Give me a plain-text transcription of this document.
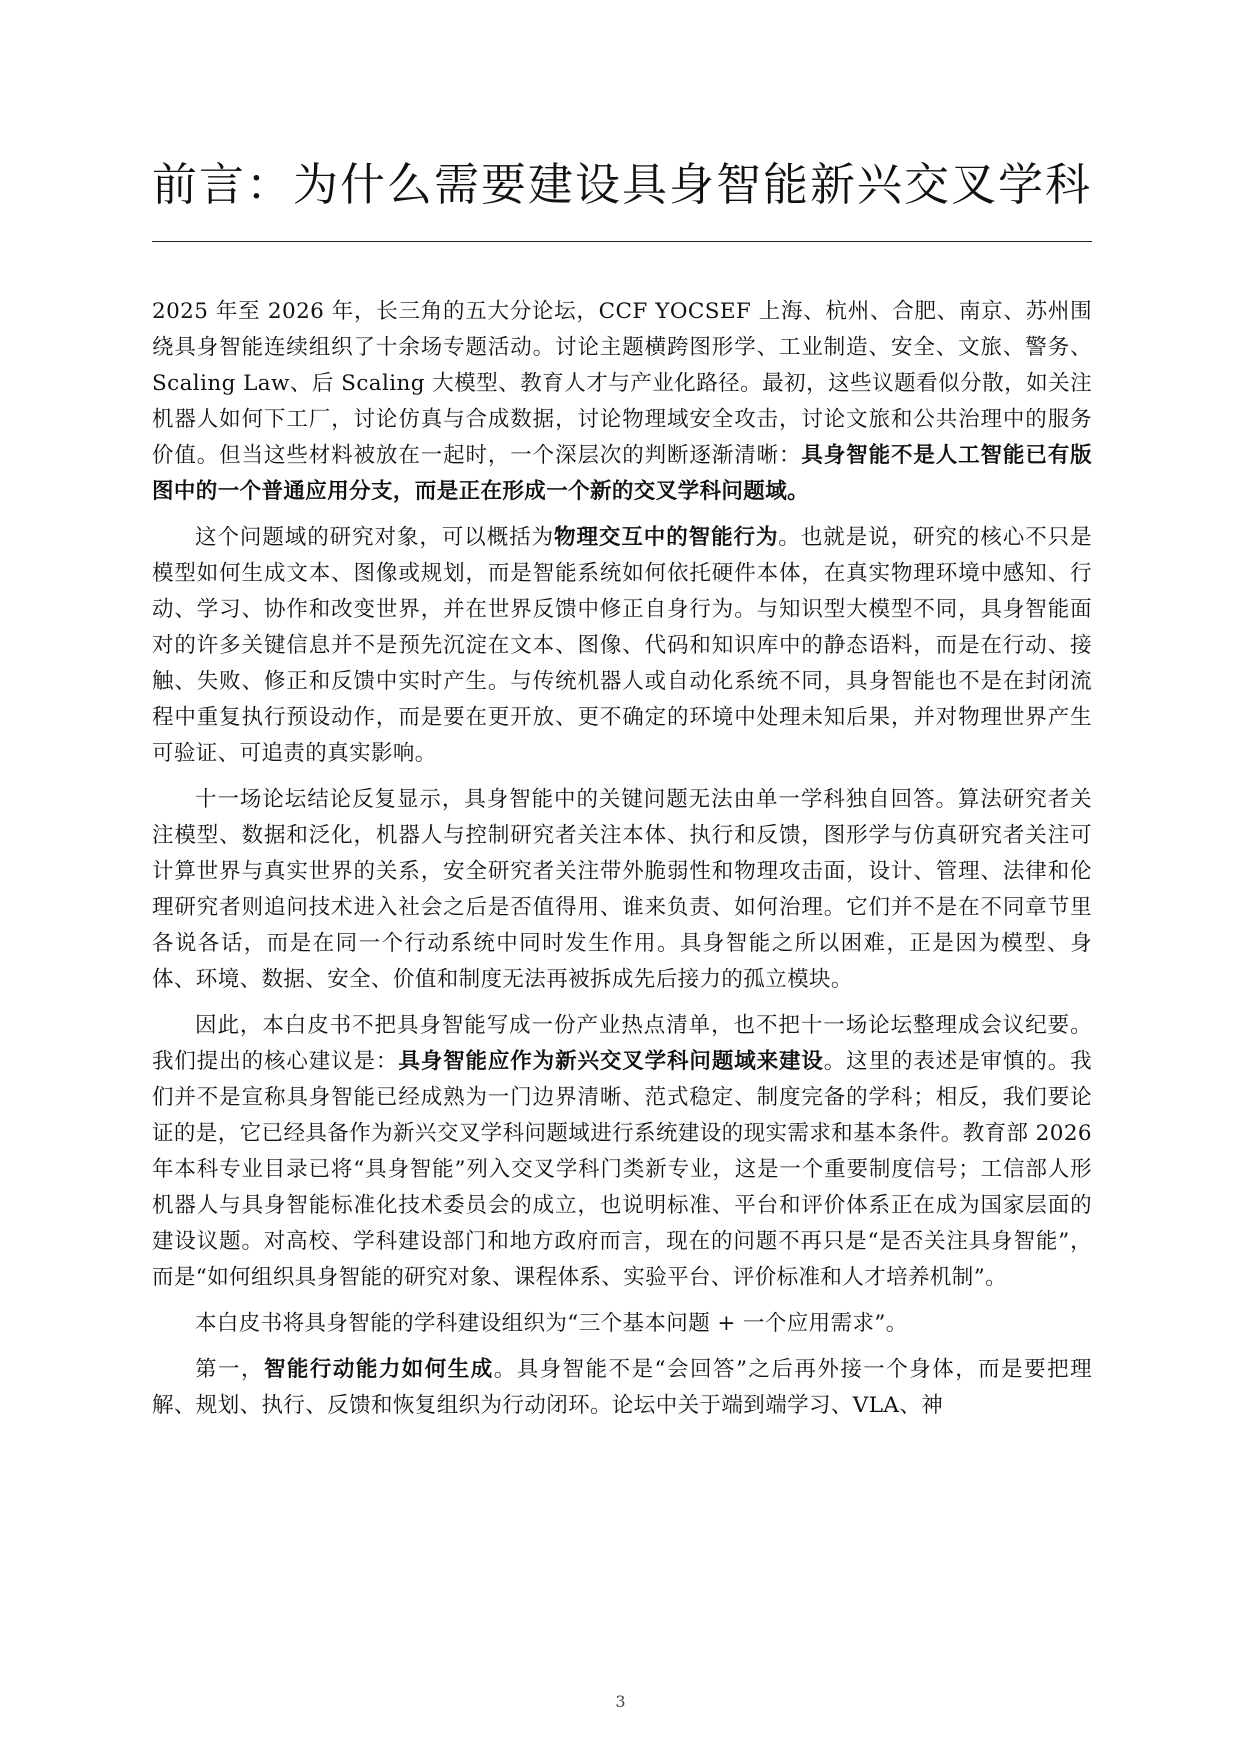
前言：为什么需要建设具身智能新兴交叉学科

2025 年至 2026 年，长三角的五大分论坛，CCF YOCSEF 上海、杭州、合肥、南京、苏州围绕具身智能连续组织了十余场专题活动。讨论主题横跨图形学、工业制造、安全、文旅、警务、Scaling Law、后 Scaling 大模型、教育人才与产业化路径。最初，这些议题看似分散，如关注机器人如何下工厂，讨论仿真与合成数据，讨论物理域安全攻击，讨论文旅和公共治理中的服务价值。但当这些材料被放在一起时，一个深层次的判断逐渐清晰：具身智能不是人工智能已有版图中的一个普通应用分支，而是正在形成一个新的交叉学科问题域。

这个问题域的研究对象，可以概括为物理交互中的智能行为。也就是说，研究的核心不只是模型如何生成文本、图像或规划，而是智能系统如何依托硬件本体，在真实物理环境中感知、行动、学习、协作和改变世界，并在世界反馈中修正自身行为。与知识型大模型不同，具身智能面对的许多关键信息并不是预先沉淀在文本、图像、代码和知识库中的静态语料，而是在行动、接触、失败、修正和反馈中实时产生。与传统机器人或自动化系统不同，具身智能也不是在封闭流程中重复执行预设动作，而是要在更开放、更不确定的环境中处理未知后果，并对物理世界产生可验证、可追责的真实影响。

十一场论坛结论反复显示，具身智能中的关键问题无法由单一学科独自回答。算法研究者关注模型、数据和泛化，机器人与控制研究者关注本体、执行和反馈，图形学与仿真研究者关注可计算世界与真实世界的关系，安全研究者关注带外脆弱性和物理攻击面，设计、管理、法律和伦理研究者则追问技术进入社会之后是否值得用、谁来负责、如何治理。它们并不是在不同章节里各说各话，而是在同一个行动系统中同时发生作用。具身智能之所以困难，正是因为模型、身体、环境、数据、安全、价值和制度无法再被拆成先后接力的孤立模块。

因此，本白皮书不把具身智能写成一份产业热点清单，也不把十一场论坛整理成会议纪要。我们提出的核心建议是：具身智能应作为新兴交叉学科问题域来建设。这里的表述是审慎的。我们并不是宣称具身智能已经成熟为一门边界清晰、范式稳定、制度完备的学科；相反，我们要论证的是，它已经具备作为新兴交叉学科问题域进行系统建设的现实需求和基本条件。教育部 2026 年本科专业目录已将“具身智能”列入交叉学科门类新专业，这是一个重要制度信号；工信部人形机器人与具身智能标准化技术委员会的成立，也说明标准、平台和评价体系正在成为国家层面的建设议题。对高校、学科建设部门和地方政府而言，现在的问题不再只是“是否关注具身智能”，而是“如何组织具身智能的研究对象、课程体系、实验平台、评价标准和人才培养机制”。

本白皮书将具身智能的学科建设组织为“三个基本问题 + 一个应用需求”。

第一，智能行动能力如何生成。具身智能不是“会回答”之后再外接一个身体，而是要把理解、规划、执行、反馈和恢复组织为行动闭环。论坛中关于端到端学习、VLA、神

3
